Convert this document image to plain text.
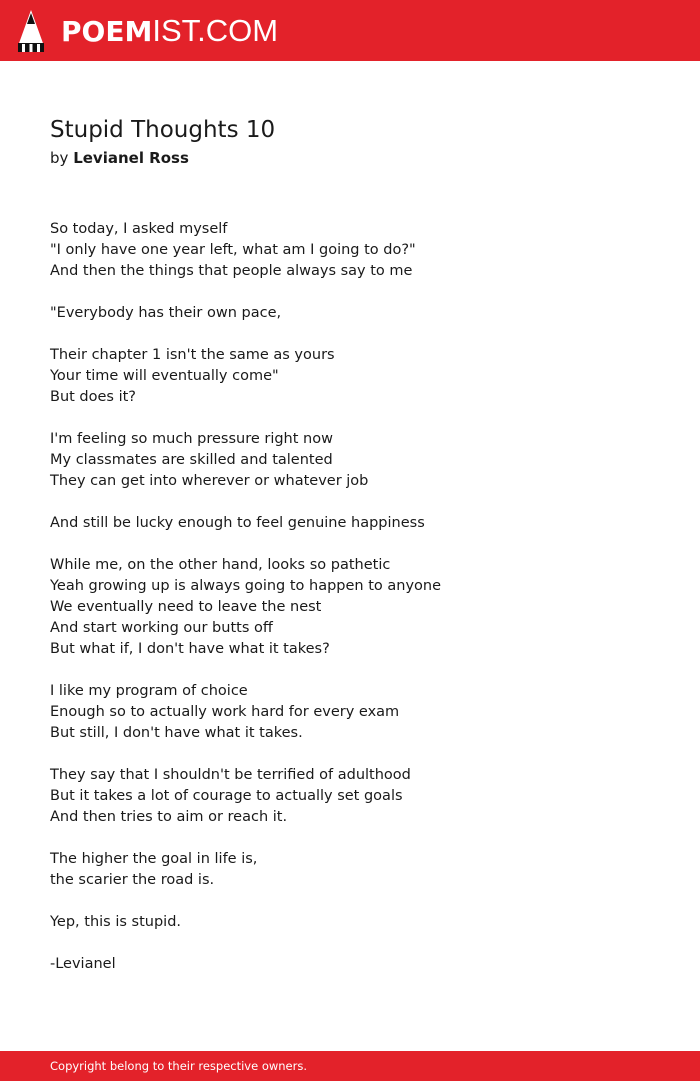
POEM IST.COM
Stupid Thoughts 10

by Levianel Ross

So today, I asked myself
"I only have one year left, what am I going to do?"
And then the things that people always say to me
"Everybody has their own pace,
Their chapter 1 isn't the same as yours
Your time will eventually come"
But does it?
I'm feeling so much pressure right now
My classmates are skilled and talented
They can get into wherever or whatever job
And still be lucky enough to feel genuine happiness
While me, on the other hand, looks so pathetic
Yeah growing up is always going to happen to anyone
We eventually need to leave the nest
And start working our butts off
But what if, I don't have what it takes?
I like my program of choice
Enough so to actually work hard for every exam
But still, I don't have what it takes.
They say that I shouldn't be terrified of adulthood
But it takes a lot of courage to actually set goals
And then tries to aim or reach it.
The higher the goal in life is,
the scarier the road is.
Yep, this is stupid.
-Levianel
Copyright belong to their respective owners.
